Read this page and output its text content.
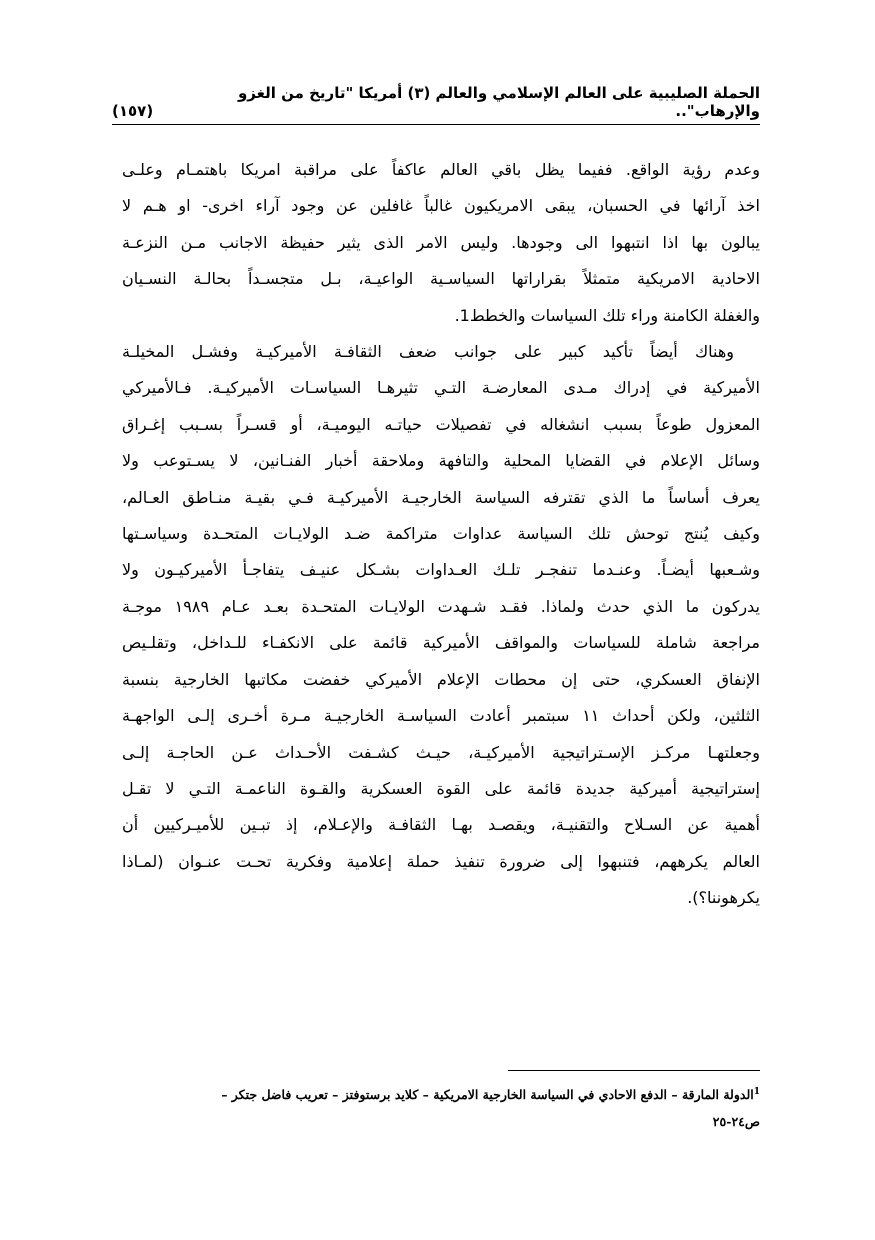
الحملة الصليبية على العالم الإسلامي والعالم (٣) أمريكا "تاريخ من الغزو والإرهاب"..
(١٥٧)
وعدم رؤية الواقع. ففيما يظل باقي العالم عاكفاً على مراقبة امريكا باهتمـام وعلـى
اخذ آرائها في الحسبان، يبقى الامريكيون غالباً غافلين عن وجود آراء اخرى- او هـم لا
يبالون بها اذا انتبهوا الى وجودها. وليس الامر الذى يثير حفيظة الاجانب مـن النزعـة
الاحادية الامريكية متمثلاً بقراراتها السياسـية الواعيـة، بـل متجسـداً بحالـة النسـيان
والغفلة الكامنة وراء تلك السياسات والخطط1.
وهناك أيضاً تأكيد كبير على جوانب ضعف الثقافـة الأميركيـة وفشـل المخيلـة
الأميركية في إدراك مـدى المعارضـة التـي تثيرهـا السياسـات الأميركيـة. فـالأميركي
المعزول طوعاً بسبب انشغاله في تفصيلات حياتـه اليوميـة، أو قسـراً بسـبب إغـراق
وسائل الإعلام في القضايا المحلية والتافهة وملاحقة أخبار الفنـانين، لا يسـتوعب ولا
يعرف أساساً ما الذي تقترفه السياسة الخارجيـة الأميركيـة فـي بقيـة منـاطق العـالم،
وكيف يُنتج توحش تلك السياسة عداوات متراكمة ضـد الولايـات المتحـدة وسياسـتها
وشـعبها أيضـاً. وعنـدما تنفجـر تلـك العـداوات بشـكل عنيـف يتفاجـأ الأميركيـون ولا
يدركون ما الذي حدث ولماذا. فقـد شـهدت الولايـات المتحـدة بعـد عـام ١٩٨٩ موجـة
مراجعة شاملة للسياسات والمواقف الأميركية قائمة على الانكفـاء للـداخل، وتقلـيص
الإنفاق العسكري، حتى إن محطات الإعلام الأميركي خفضت مكاتبها الخارجية بنسبة
الثلثين، ولكن أحداث ١١ سبتمبر أعادت السياسـة الخارجيـة مـرة أخـرى إلـى الواجهـة
وجعلتهـا مركـز الإسـتراتيجية الأميركيـة، حيـث كشـفت الأحـداث عـن الحاجـة إلـى
إستراتيجية أميركية جديدة قائمة على القوة العسكرية والقـوة الناعمـة التـي لا تقـل
أهمية عن السـلاح والتقنيـة، ويقصـد بهـا الثقافـة والإعـلام، إذ تبـين للأميـركيين أن
العالم يكرههم، فتنبهوا إلى ضرورة تنفيذ حملة إعلامية وفكرية تحـت عنـوان (لمـاذا
يكرهوننا؟).
$^1$الدولة المارقة – الدفع الاحادي في السياسة الخارجية الامريكية – كلايد برستوفتز – تعريب فاضل جتكر –
ص٢٤-٢٥
